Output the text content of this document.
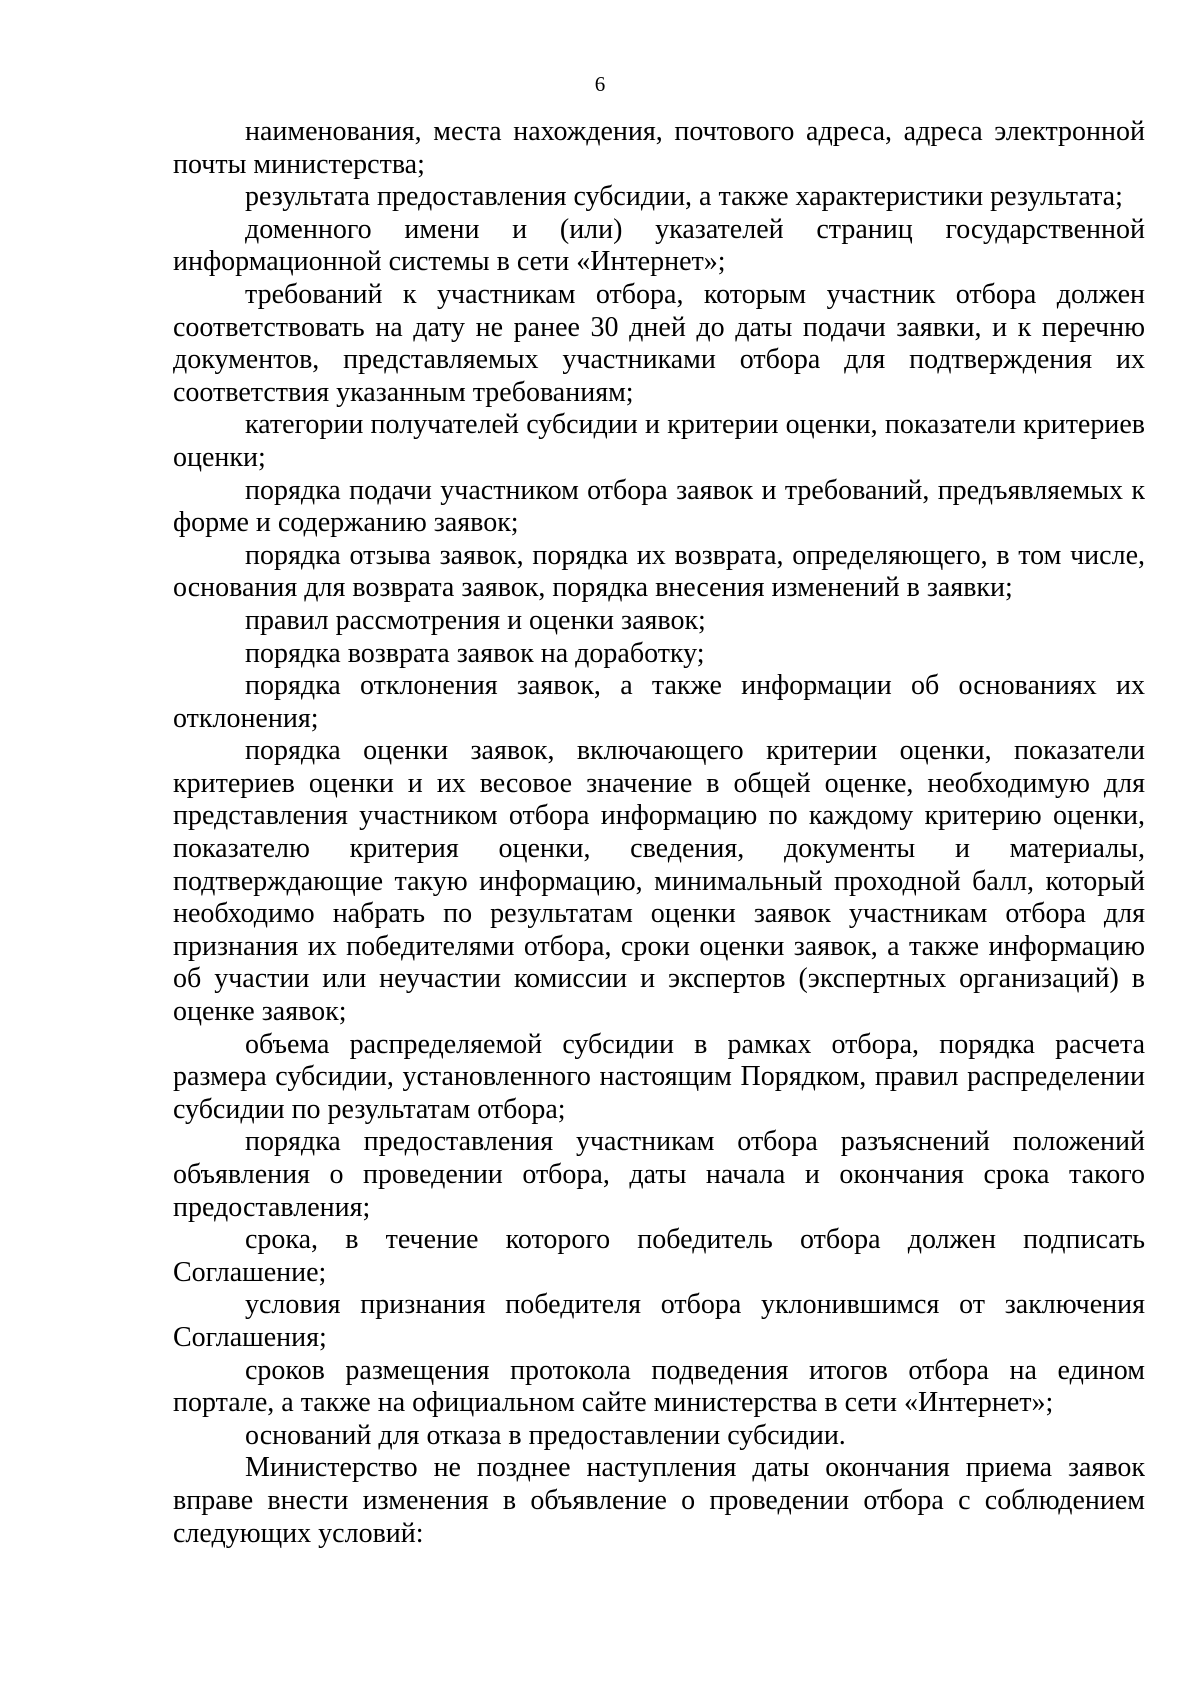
6

наименования, места нахождения, почтового адреса, адреса электронной почты министерства;

результата предоставления субсидии, а также характеристики результата;

доменного имени и (или) указателей страниц государственной информационной системы в сети «Интернет»;

требований к участникам отбора, которым участник отбора должен соответствовать на дату не ранее 30 дней до даты подачи заявки, и к перечню документов, представляемых участниками отбора для подтверждения их соответствия указанным требованиям;

категории получателей субсидии и критерии оценки, показатели критериев оценки;

порядка подачи участником отбора заявок и требований, предъявляемых к форме и содержанию заявок;

порядка отзыва заявок, порядка их возврата, определяющего, в том числе, основания для возврата заявок, порядка внесения изменений в заявки;

правил рассмотрения и оценки заявок;

порядка возврата заявок на доработку;

порядка отклонения заявок, а также информации об основаниях их отклонения;

порядка оценки заявок, включающего критерии оценки, показатели критериев оценки и их весовое значение в общей оценке, необходимую для представления участником отбора информацию по каждому критерию оценки, показателю критерия оценки, сведения, документы и материалы, подтверждающие такую информацию, минимальный проходной балл, который необходимо набрать по результатам оценки заявок участникам отбора для признания их победителями отбора, сроки оценки заявок, а также информацию об участии или неучастии комиссии и экспертов (экспертных организаций) в оценке заявок;

объема распределяемой субсидии в рамках отбора, порядка расчета размера субсидии, установленного настоящим Порядком, правил распределении субсидии по результатам отбора;

порядка предоставления участникам отбора разъяснений положений объявления о проведении отбора, даты начала и окончания срока такого предоставления;

срока, в течение которого победитель отбора должен подписать Соглашение;

условия признания победителя отбора уклонившимся от заключения Соглашения;

сроков размещения протокола подведения итогов отбора на едином портале, а также на официальном сайте министерства в сети «Интернет»;

оснований для отказа в предоставлении субсидии.

Министерство не позднее наступления даты окончания приема заявок вправе внести изменения в объявление о проведении отбора с соблюдением следующих условий:
